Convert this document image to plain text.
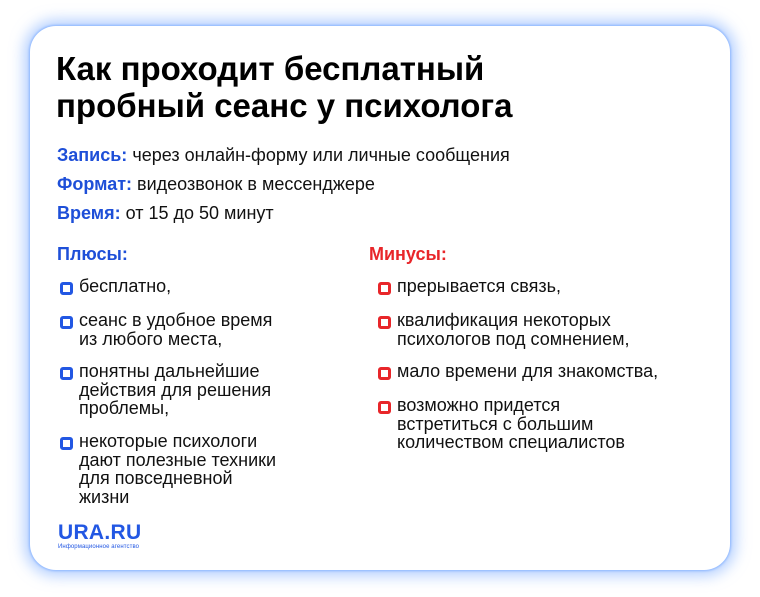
Как проходит бесплатный
пробный сеанс у психолога
Запись: через онлайн-форму или личные сообщения
Формат: видеозвонок в мессенджере
Время: от 15 до 50 минут
Плюсы:	Минусы:
бесплатно,
сеанс в удобное время
из любого места,
понятны дальнейшие
действия для решения
проблемы,
некоторые психологи
дают полезные техники
для повседневной
жизни
прерывается связь,
квалификация некоторых
психологов под сомнением,
мало времени для знакомства,
возможно придется
встретиться с большим
количеством специалистов
URA.RU
Информационное агентство
